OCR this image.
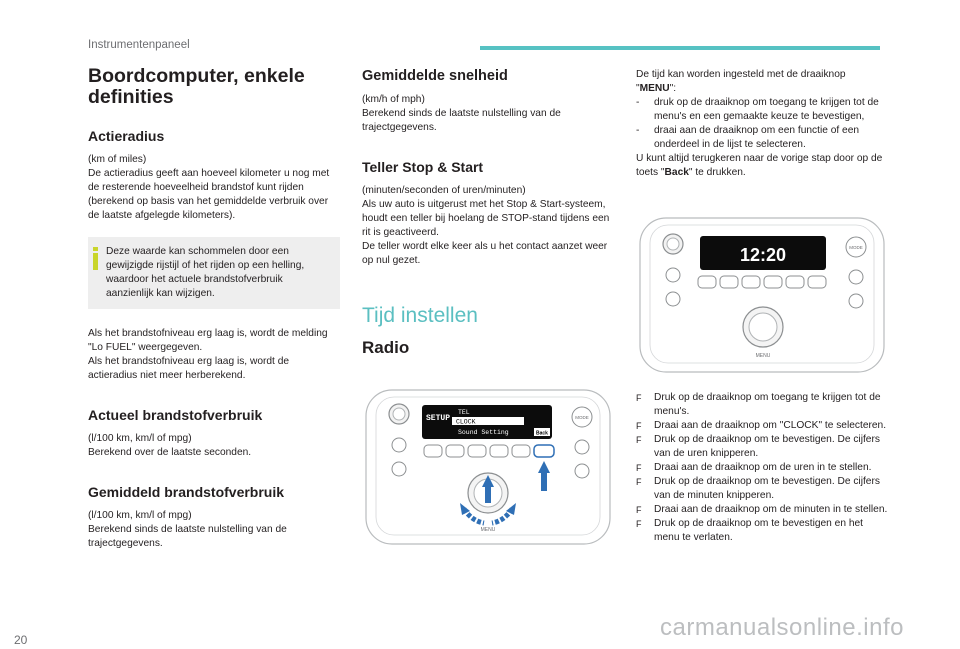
Instrumentenpaneel
Boordcomputer, enkele definities
Actieradius
(km of miles)
De actieradius geeft aan hoeveel kilometer u nog met de resterende hoeveelheid brandstof kunt rijden (berekend op basis van het gemiddelde verbruik over de laatste afgelegde kilometers).
Deze waarde kan schommelen door een gewijzigde rijstijl of het rijden op een helling, waardoor het actuele brandstofverbruik aanzienlijk kan wijzigen.
Als het brandstofniveau erg laag is, wordt de melding "Lo FUEL" weergegeven.
Als het brandstofniveau erg laag is, wordt de actieradius niet meer herberekend.
Actueel brandstofverbruik
(l/100 km, km/l of mpg)
Berekend over de laatste seconden.
Gemiddeld brandstofverbruik
(l/100 km, km/l of mpg)
Berekend sinds de laatste nulstelling van de trajectgegevens.
Gemiddelde snelheid
(km/h of mph)
Berekend sinds de laatste nulstelling van de trajectgegevens.
Teller Stop & Start
(minuten/seconden of uren/minuten)
Als uw auto is uitgerust met het Stop & Start-systeem, houdt een teller bij hoelang de STOP-stand tijdens een rit is geactiveerd.
De teller wordt elke keer als u het contact aanzet weer op nul gezet.
Tijd instellen
Radio
MODE
SETUP
TEL
CLOCK
Sound Setting	Back
MENU
De tijd kan worden ingesteld met de draaiknop "MENU":
- druk op de draaiknop om toegang te krijgen tot de menu's en een gemaakte keuze te bevestigen,
- draai aan de draaiknop om een functie of een onderdeel in de lijst te selecteren.
U kunt altijd terugkeren naar de vorige stap door op de toets "Back" te drukken.
MODE
12:20
MENU
F Druk op de draaiknop om toegang te krijgen tot de menu's.
F Draai aan de draaiknop om "CLOCK" te selecteren.
F Druk op de draaiknop om te bevestigen. De cijfers van de uren knipperen.
F Draai aan de draaiknop om de uren in te stellen.
F Druk op de draaiknop om te bevestigen. De cijfers van de minuten knipperen.
F Draai aan de draaiknop om de minuten in te stellen.
F Druk op de draaiknop om te bevestigen en het menu te verlaten.
20	carmanualsonline.info
